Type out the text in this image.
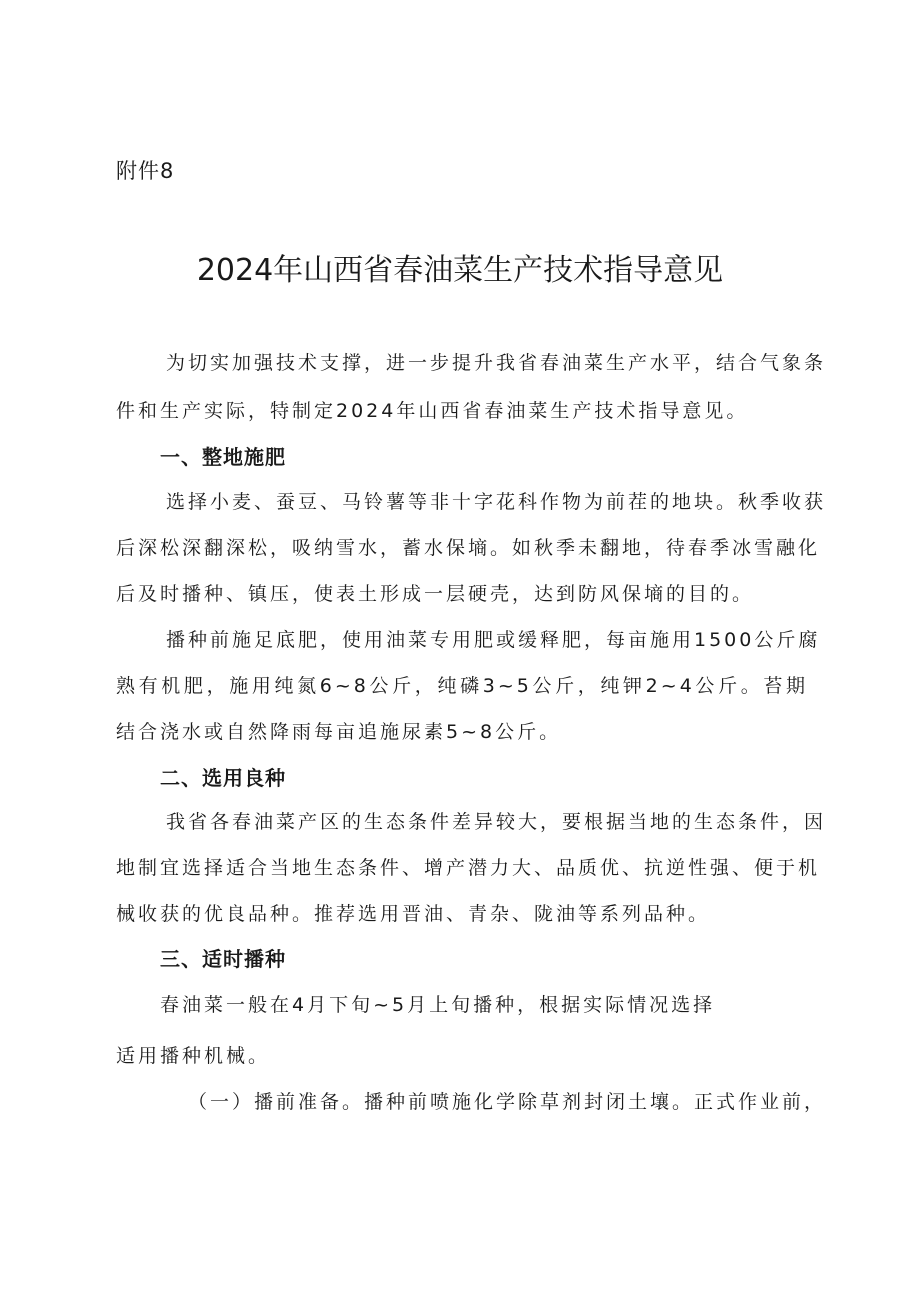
附件8
2024年山西省春油菜生产技术指导意见
为切实加强技术支撑，进一步提升我省春油菜生产水平，结合气象条
件和生产实际，特制定2024年山西省春油菜生产技术指导意见。
一、整地施肥
选择小麦、蚕豆、马铃薯等非十字花科作物为前茬的地块。秋季收获
后深松深翻深松，吸纳雪水，蓄水保墒。如秋季未翻地，待春季冰雪融化
后及时播种、镇压，使表土形成一层硬壳，达到防风保墒的目的。
播种前施足底肥，使用油菜专用肥或缓释肥，每亩施用1500公斤腐
熟有机肥，施用纯氮6~8公斤，纯磷3~5公斤，纯钾2~4公斤。苔期
结合浇水或自然降雨每亩追施尿素5~8公斤。
二、选用良种
我省各春油菜产区的生态条件差异较大，要根据当地的生态条件，因
地制宜选择适合当地生态条件、增产潜力大、品质优、抗逆性强、便于机
械收获的优良品种。推荐选用晋油、青杂、陇油等系列品种。
三、适时播种
春油菜一般在4月下旬~5月上旬播种，根据实际情况选择
适用播种机械。
（一）播前准备。播种前喷施化学除草剂封闭土壤。正式作业前，
